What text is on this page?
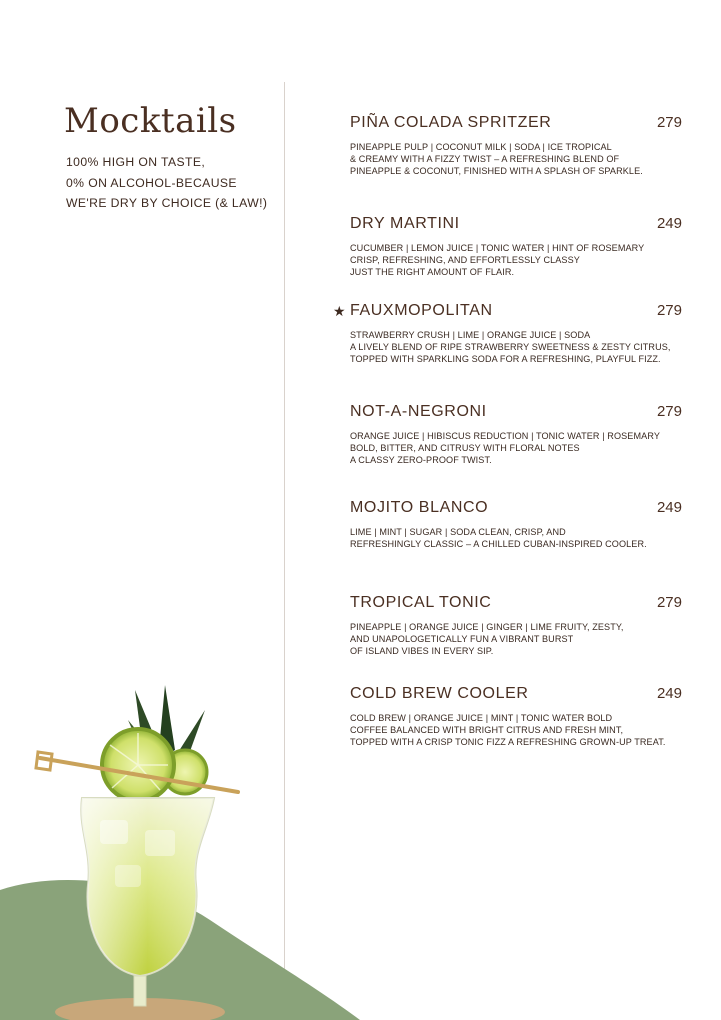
Mocktails
100% HIGH ON TASTE,
0% ON ALCOHOL-BECAUSE
WE'RE DRY BY CHOICE (& LAW!)
PIÑA COLADA SPRITZER	279
PINEAPPLE PULP | COCONUT MILK | SODA | ICE TROPICAL
& CREAMY WITH A FIZZY TWIST – A REFRESHING BLEND OF
PINEAPPLE & COCONUT, FINISHED WITH A SPLASH OF SPARKLE.
DRY MARTINI	249
CUCUMBER | LEMON JUICE | TONIC WATER | HINT OF ROSEMARY
CRISP, REFRESHING, AND EFFORTLESSLY CLASSY
JUST THE RIGHT AMOUNT OF FLAIR.
★ FAUXMOPOLITAN	279
STRAWBERRY CRUSH | LIME | ORANGE JUICE | SODA
A LIVELY BLEND OF RIPE STRAWBERRY SWEETNESS & ZESTY CITRUS,
TOPPED WITH SPARKLING SODA FOR A REFRESHING, PLAYFUL FIZZ.
NOT-A-NEGRONI	279
ORANGE JUICE | HIBISCUS REDUCTION | TONIC WATER | ROSEMARY
BOLD, BITTER, AND CITRUSY WITH FLORAL NOTES
A CLASSY ZERO-PROOF TWIST.
MOJITO BLANCO	249
LIME | MINT | SUGAR | SODA CLEAN, CRISP, AND
REFRESHINGLY CLASSIC – A CHILLED CUBAN-INSPIRED COOLER.
TROPICAL TONIC	279
PINEAPPLE | ORANGE JUICE | GINGER | LIME FRUITY, ZESTY,
AND UNAPOLOGETICALLY FUN A VIBRANT BURST
OF ISLAND VIBES IN EVERY SIP.
COLD BREW COOLER	249
COLD BREW | ORANGE JUICE | MINT | TONIC WATER BOLD
COFFEE BALANCED WITH BRIGHT CITRUS AND FRESH MINT,
TOPPED WITH A CRISP TONIC FIZZ A REFRESHING GROWN-UP TREAT.
